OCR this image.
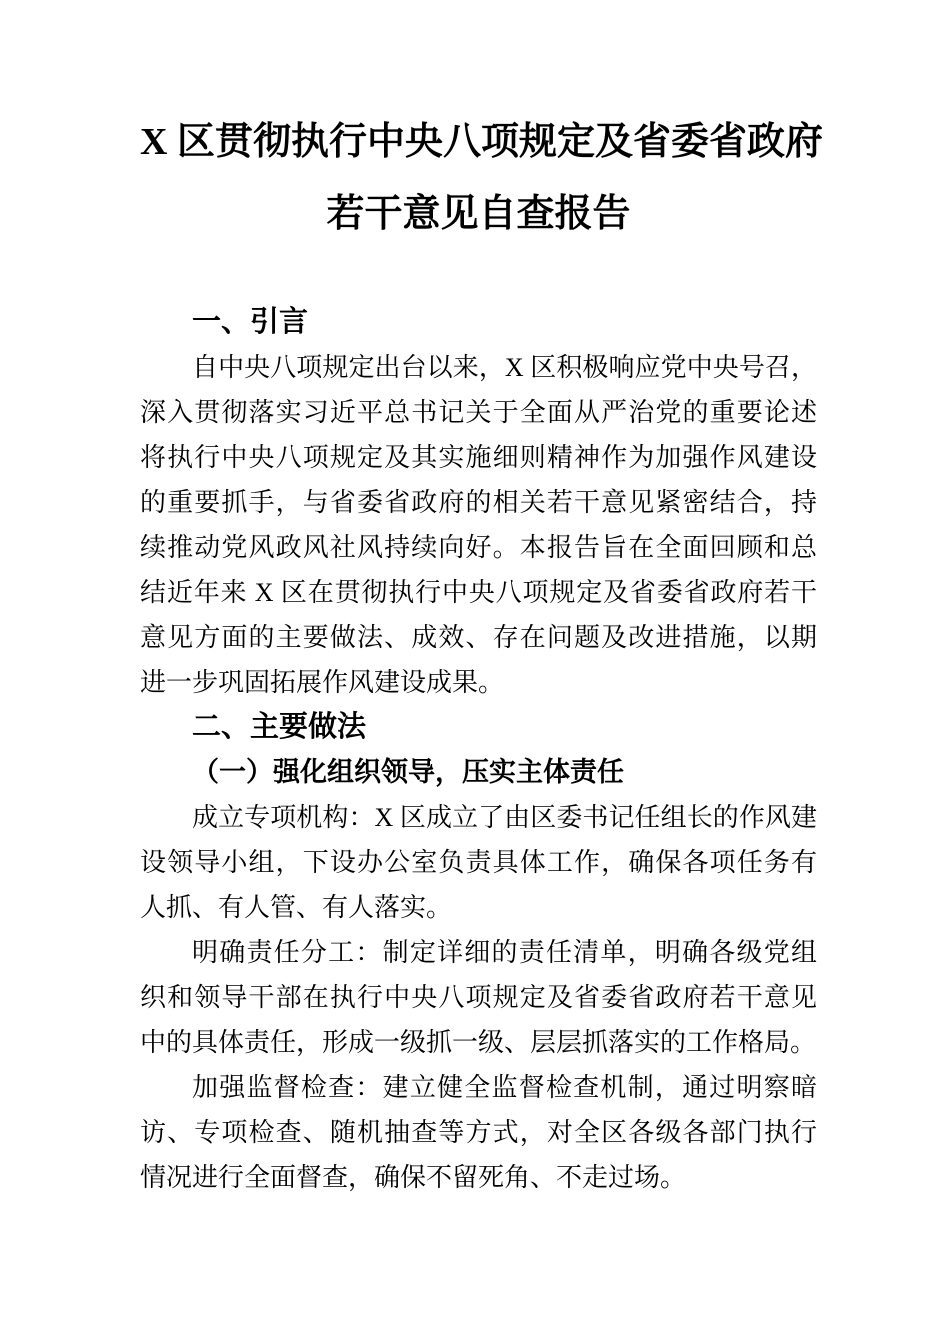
X 区贯彻执行中央八项规定及省委省政府
若干意见自查报告
一、引言
自中央八项规定出台以来，X 区积极响应党中央号召，
深入贯彻落实习近平总书记关于全面从严治党的重要论述
将执行中央八项规定及其实施细则精神作为加强作风建设
的重要抓手，与省委省政府的相关若干意见紧密结合，持
续推动党风政风社风持续向好。本报告旨在全面回顾和总
结近年来 X 区在贯彻执行中央八项规定及省委省政府若干
意见方面的主要做法、成效、存在问题及改进措施，以期
进一步巩固拓展作风建设成果。
二、主要做法
（一）强化组织领导，压实主体责任
成立专项机构：X 区成立了由区委书记任组长的作风建
设领导小组，下设办公室负责具体工作，确保各项任务有
人抓、有人管、有人落实。
明确责任分工：制定详细的责任清单，明确各级党组
织和领导干部在执行中央八项规定及省委省政府若干意见
中的具体责任，形成一级抓一级、层层抓落实的工作格局。
加强监督检查：建立健全监督检查机制，通过明察暗
访、专项检查、随机抽查等方式，对全区各级各部门执行
情况进行全面督查，确保不留死角、不走过场。
